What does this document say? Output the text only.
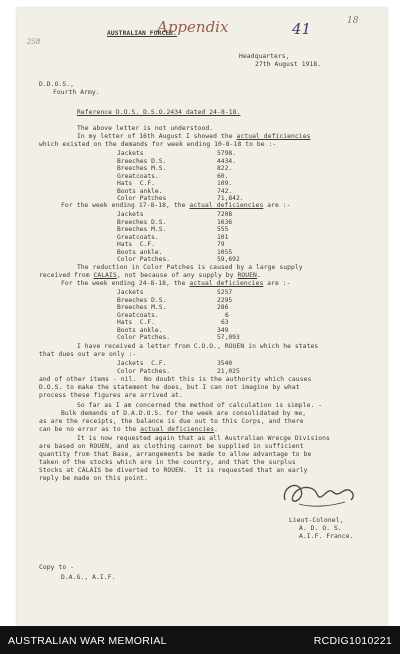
258
Appendix	41	18
AUSTRALIAN FORCES.
Headquarters,
27th August 1918.
D.D.O.S.,
Fourth Army.
Reference D.O.S. D.S.O.2434 dated 24-8-18.
The above letter is not understood.
In my letter of 16th August I showed the actual deficiencies
which existed on the demands for week ending 10-8-18 to be :-
Jackets	5798.
Breeches D.S.	4434.
Breeches M.S.	822.
Greatcoats.	60.
Hats  C.F.	109.
Boots ankle.	742.
Color Patches	71,842.
For the week ending 17-8-18, the actual deficiencies are :-
Jackets	7208
Breeches D.S.	1636
Breeches M.S.	555
Greatcoats.	101
Hats  C.F.	79
Boots ankle.	1055
Color Patches.	59,692
The reduction in Color Patches is caused by a large supply
received from CALAIS, not because of any supply by ROUEN.
For the week ending 24-8-18, the actual deficiencies are :-
Jackets	5257
Breeches D.S.	2295
Breeches M.S.	286
Greatcoats.	6
Hats  C.F.	63
Boots ankle.	349
Color Patches.	57,093
I have received a letter from C.O.O., ROUEN in which he states
that dues out are only :-
Jackets  C.F.	3540
Color Patches.	21,025
and of other items - nil.  No doubt this is the authority which causes
D.O.S. to make the statement he does, but I can not imagine by what
process these figures are arrived at.
So far as I am concerned the method of calculation is simple. -
Bulk demands of D.A.D.O.S. for the week are consolidated by me,
as are the receipts, the balance is due out to this Corps, and there
can be no error as to the actual deficiencies.
It is now requested again that as all Australian Wrecge Divisions
are based on ROUEN, and as clothing cannot be supplied in sufficient
quantity from that Base, arrangements be made to allow advantage to be
taken of the stocks which are in the country, and that the surplus
Stocks at CALAIS be diverted to ROUEN.  It is requested that an early
reply be made on this point.
Lieut-Colonel,
A. D. O. S.
A.I.F. France.
Copy to -
D.A.G., A.I.F.
AUSTRALIAN WAR MEMORIAL	RCDIG1010221
